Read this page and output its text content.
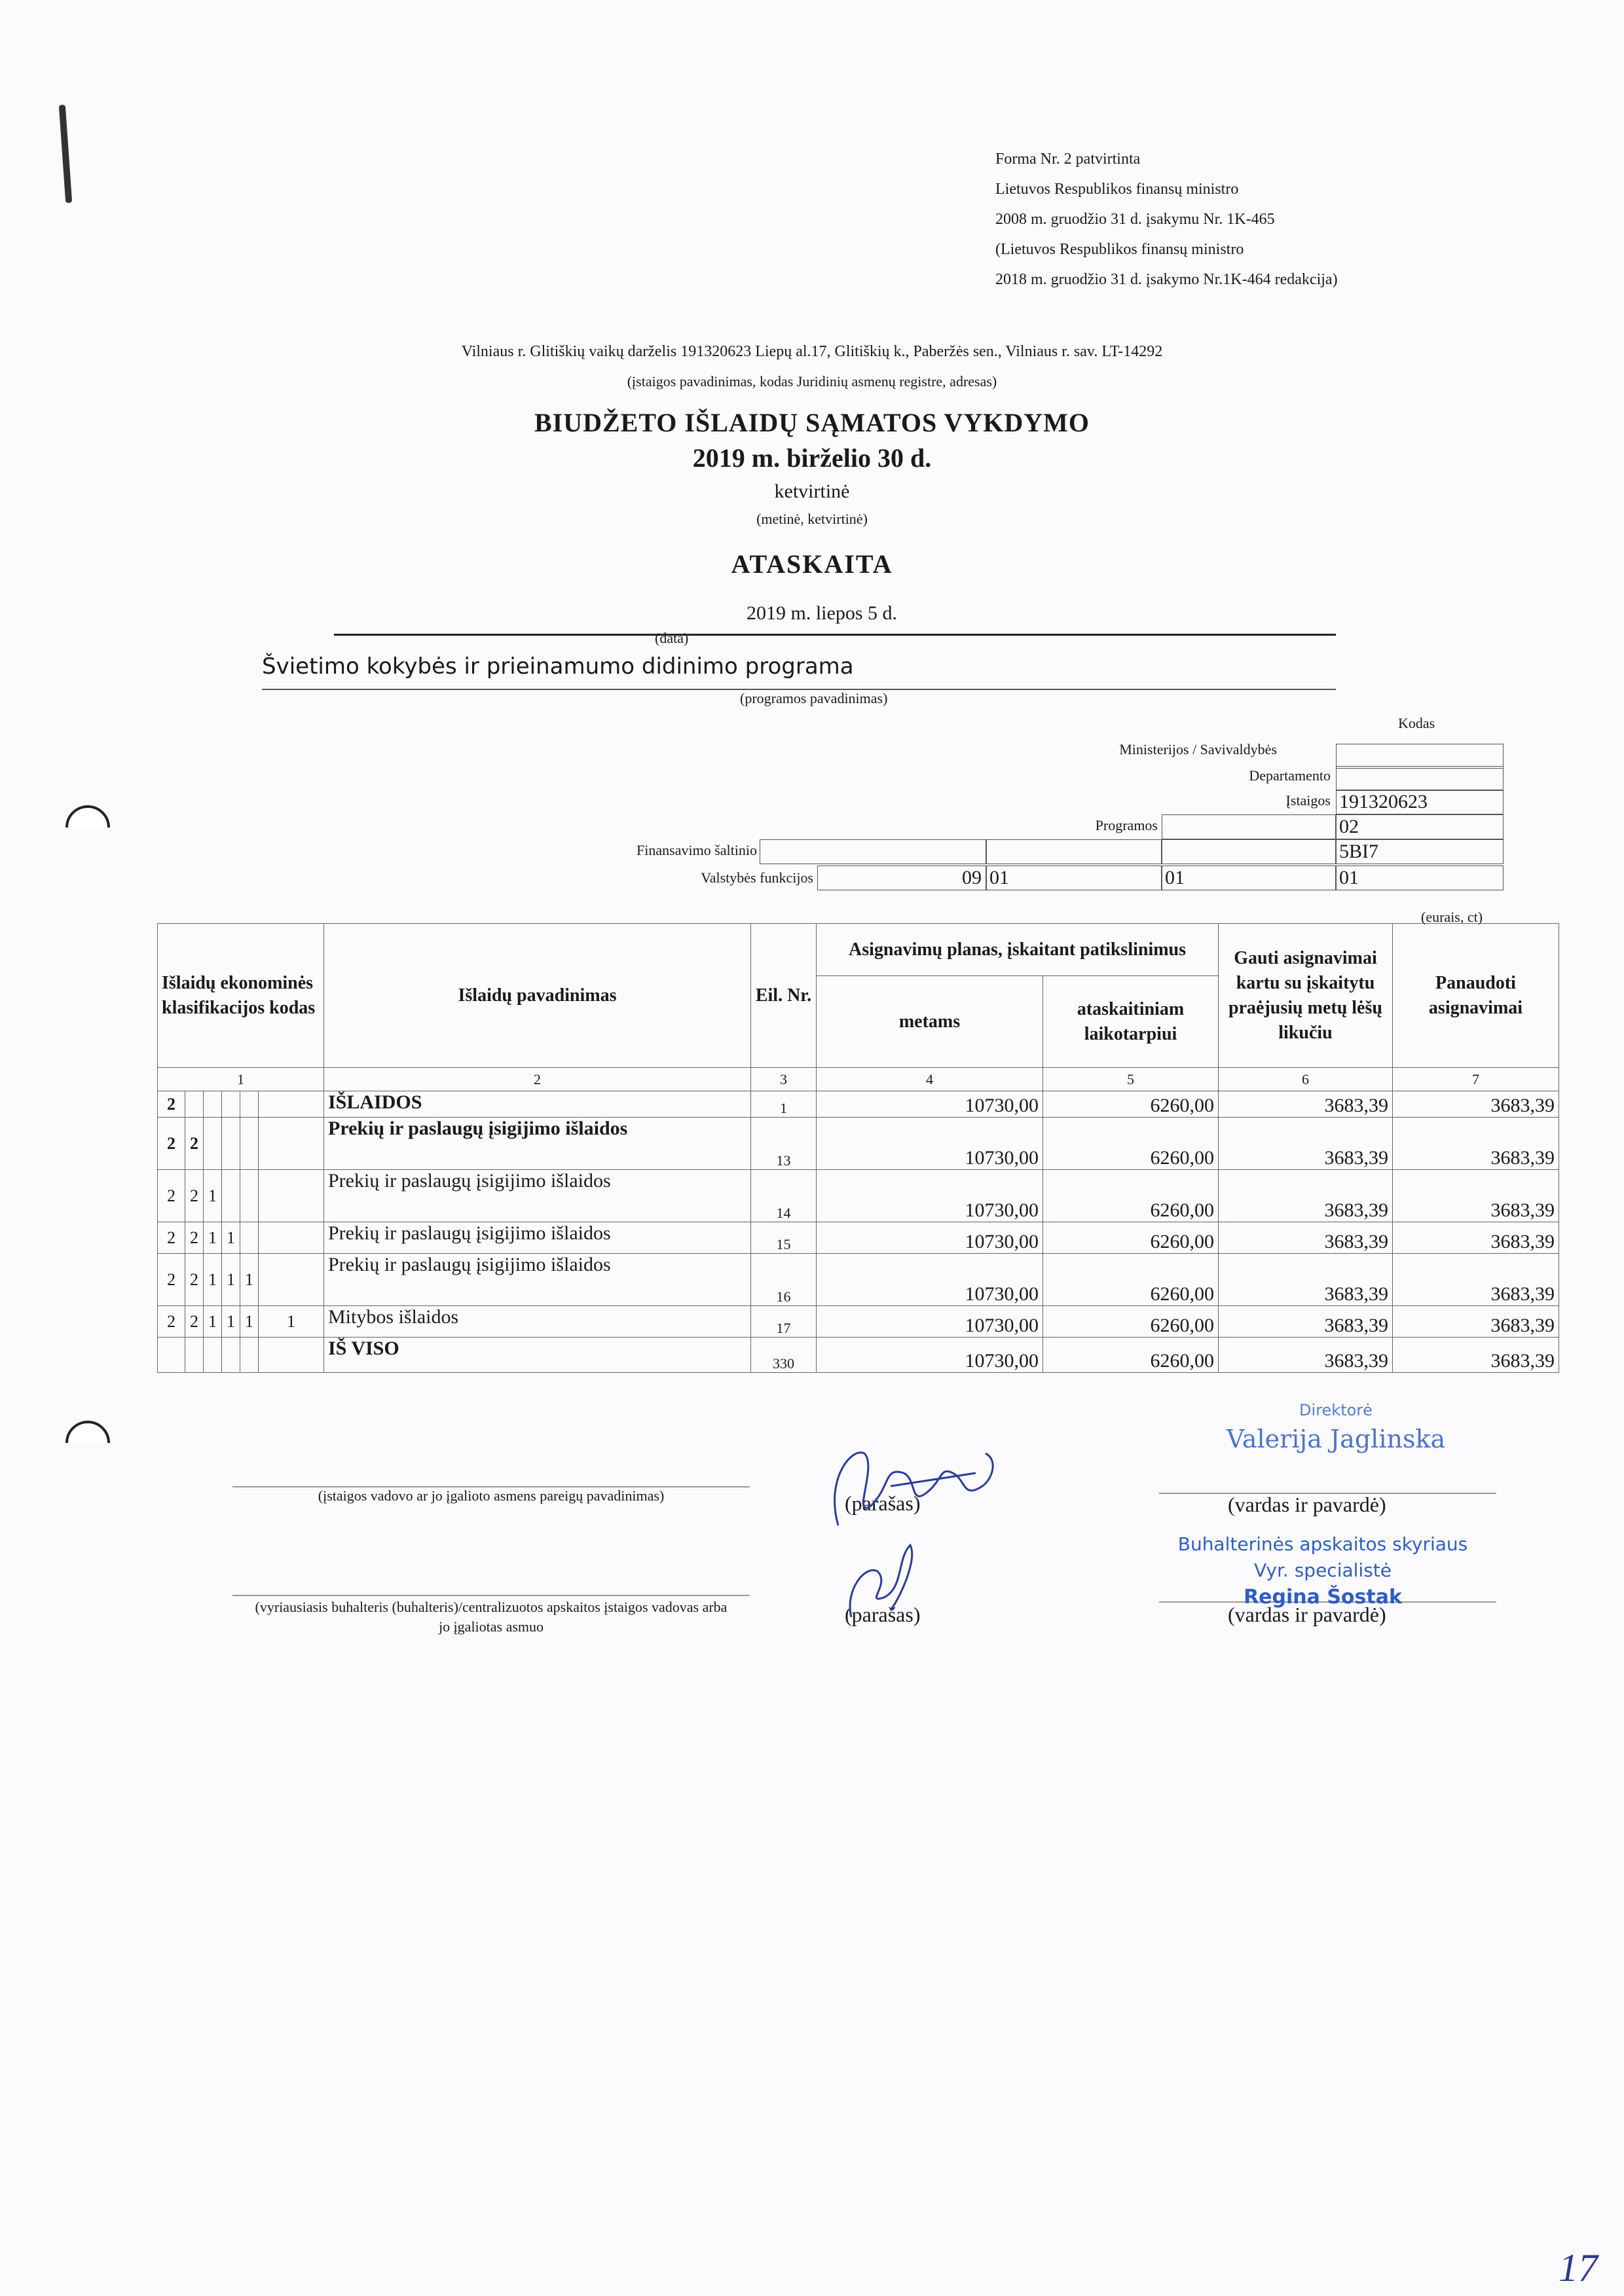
Forma Nr. 2 patvirtinta
Lietuvos Respublikos finansų ministro
2008 m. gruodžio 31 d. įsakymu Nr. 1K-465
(Lietuvos Respublikos finansų ministro
2018 m. gruodžio 31 d. įsakymo Nr.1K-464 redakcija)
Vilniaus r. Glitiškių vaikų darželis 191320623 Liepų al.17, Glitiškių k., Paberžės sen., Vilniaus r. sav. LT-14292
(įstaigos pavadinimas, kodas Juridinių asmenų registre, adresas)
BIUDŽETO IŠLAIDŲ SĄMATOS VYKDYMO
2019 m. birželio 30 d.
ketvirtinė
(metinė, ketvirtinė)
ATASKAITA
2019 m. liepos 5 d.
(data)
Švietimo kokybės ir prieinamumo didinimo programa
(programos pavadinimas)
Kodas
Ministerijos / Savivaldybės
Departamento
Įstaigos 191320623
Programos	02
Finansavimo šaltinio	5BI7
Valstybės funkcijos	09 01	01	01
(eurais, ct)
Išlaidų ekonominės klasifikacijos kodas						Išlaidų pavadinimas	Eil. Nr.	Asignavimų planas, įskaitant patikslinimus		Gauti asignavimai kartu su įskaitytu praėjusių metų lėšų likučiu	Panaudoti asignavimai
								metams	ataskaitiniam laikotarpiui		
1						2	3	4	5	6	7
2						IŠLAIDOS	1	10730,00	6260,00	3683,39	3683,39
2	2					Prekių ir paslaugų įsigijimo išlaidos	13	10730,00	6260,00	3683,39	3683,39
2	2	1				Prekių ir paslaugų įsigijimo išlaidos	14	10730,00	6260,00	3683,39	3683,39
2	2	1	1			Prekių ir paslaugų įsigijimo išlaidos	15	10730,00	6260,00	3683,39	3683,39
2	2	1	1	1		Prekių ir paslaugų įsigijimo išlaidos	16	10730,00	6260,00	3683,39	3683,39
2	2	1	1	1	1	Mitybos išlaidos	17	10730,00	6260,00	3683,39	3683,39
						IŠ VISO	330	10730,00	6260,00	3683,39	3683,39
(įstaigos vadovo ar jo įgalioto asmens pareigų pavadinimas)	(parašas)	(vardas ir pavardė)
(vyriausiasis buhalteris (buhalteris)/centralizuotos apskaitos įstaigos vadovas arba jo įgaliotas asmuo
(parašas)	(vardas ir pavardė)
Direktorė
Valerija Jaglinska
Buhalterinės apskaitos skyriaus
Vyr. specialistė
Regina Šostak
17
